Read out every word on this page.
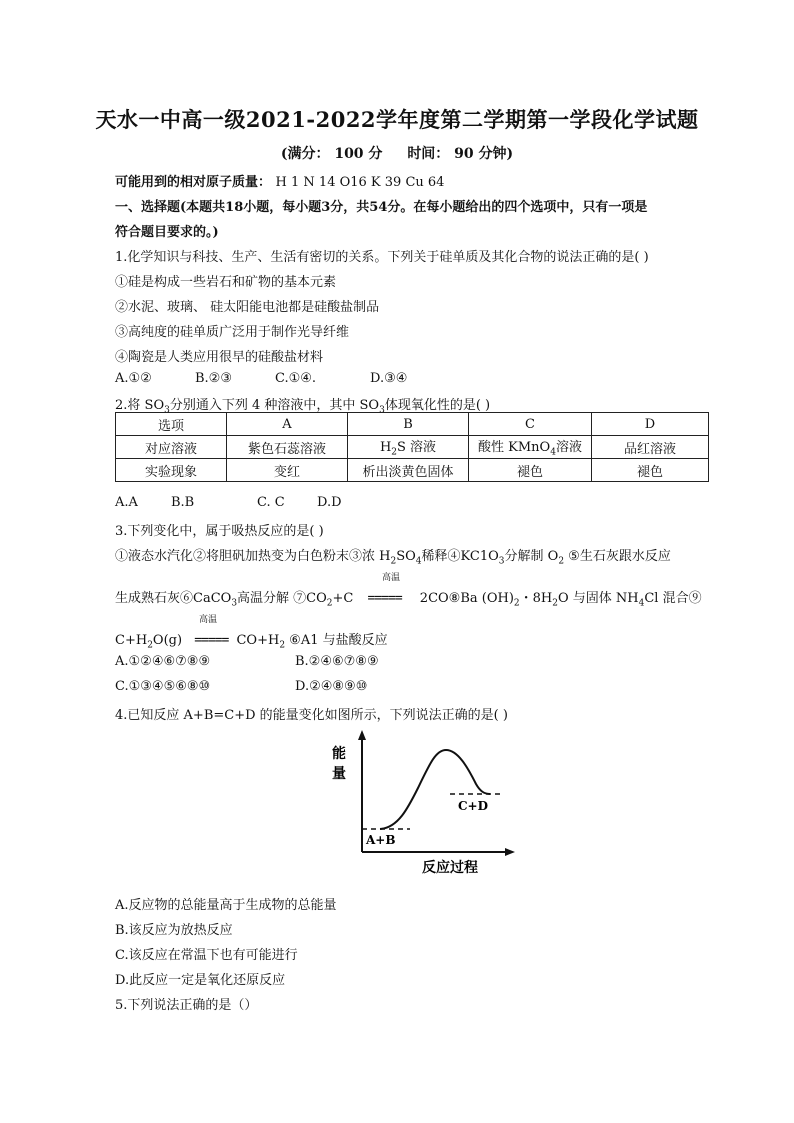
天水一中高一级2021-2022学年度第二学期第一学段化学试题
(满分： 100 分 时间： 90 分钟)
可能用到的相对原子质量： H 1 N 14 O16 K 39 Cu 64
一、选择题(本题共18小题，每小题3分，共54分。在每小题给出的四个选项中，只有一项是
符合题目要求的。)
1.化学知识与科技、生产、生活有密切的关系。下列关于硅单质及其化合物的说法正确的是( )
①硅是构成一些岩石和矿物的基本元素
②水泥、玻璃、 硅太阳能电池都是硅酸盐制品
③高纯度的硅单质广泛用于制作光导纤维
④陶瓷是人类应用很早的硅酸盐材料
A.①②	B.②③	C.①④.	D.③④
2.将 $SO_3$分别通入下列 4 种溶液中，其中 $SO_3$体现氧化性的是( )
选项	A	B	C	D
对应溶液	紫色石蕊溶液	$H_2S$ 溶液	酸性 KMnO$_4$溶液	品红溶液
实验现象	变红	析出淡黄色固体	褪色	褪色
A.A	B.B	C. C D.D
3.下列变化中，属于吸热反应的是( )
①液态水汽化②将胆矾加热变为白色粉末③浓 $H_2SO_4$稀释$④KC1O_3$分解制 $O_2$ ⑤生石灰跟水反应
高温
生成熟石灰⑥CaCO$_3$高温分解 $⑦CO_2+C$ ===== 2CO⑧Ba $(OH)_2$・$8H_2O$ 与固体 $NH_4Cl$ 混合⑨
高温
$C+H_2O(g)$ ===== $CO+H_2$ ⑥A1 与盐酸反应
A.①②④⑥⑦⑧⑨	B.②④⑥⑦⑧⑨
C.①③④⑤⑥⑧⑩	D.②④⑧⑨⑩
4.已知反应 A+B=C+D 的能量变化如图所示，下列说法正确的是( )
能
量
A+B
C+D
反应过程
A.反应物的总能量高于生成物的总能量
B.该反应为放热反应
C.该反应在常温下也有可能进行
D.此反应一定是氧化还原反应
5.下列说法正确的是（）
